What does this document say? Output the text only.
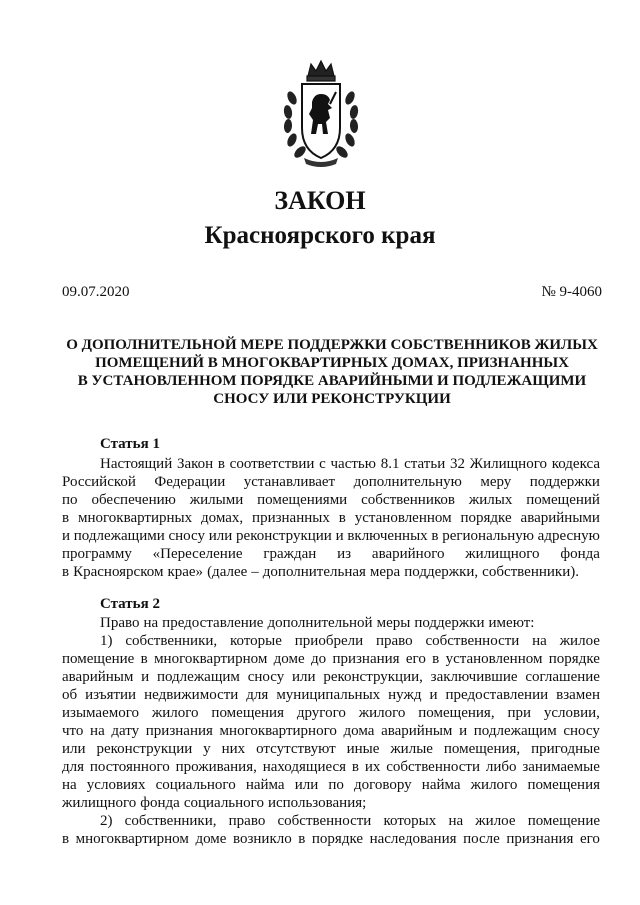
ЗАКОН
Красноярского края
09.07.2020	№ 9-4060
О ДОПОЛНИТЕЛЬНОЙ МЕРЕ ПОДДЕРЖКИ СОБСТВЕННИКОВ ЖИЛЫХ
ПОМЕЩЕНИЙ В МНОГОКВАРТИРНЫХ ДОМАХ, ПРИЗНАННЫХ
В УСТАНОВЛЕННОМ ПОРЯДКЕ АВАРИЙНЫМИ И ПОДЛЕЖАЩИМИ
СНОСУ ИЛИ РЕКОНСТРУКЦИИ
Статья 1
Настоящий Закон в соответствии с частью 8.1 статьи 32 Жилищного кодекса
Российской Федерации устанавливает дополнительную меру поддержки
по обеспечению жилыми помещениями собственников жилых помещений
в многоквартирных домах, признанных в установленном порядке аварийными
и подлежащими сносу или реконструкции и включенных в региональную адресную
программу «Переселение граждан из аварийного жилищного фонда
в Красноярском крае» (далее – дополнительная мера поддержки, собственники).
Статья 2
Право на предоставление дополнительной меры поддержки имеют:
1) собственники, которые приобрели право собственности на жилое
помещение в многоквартирном доме до признания его в установленном порядке
аварийным и подлежащим сносу или реконструкции, заключившие соглашение
об изъятии недвижимости для муниципальных нужд и предоставлении взамен
изымаемого жилого помещения другого жилого помещения, при условии,
что на дату признания многоквартирного дома аварийным и подлежащим сносу
или реконструкции у них отсутствуют иные жилые помещения, пригодные
для постоянного проживания, находящиеся в их собственности либо занимаемые
на условиях социального найма или по договору найма жилого помещения
жилищного фонда социального использования;
2) собственники, право собственности которых на жилое помещение
в многоквартирном доме возникло в порядке наследования после признания его
